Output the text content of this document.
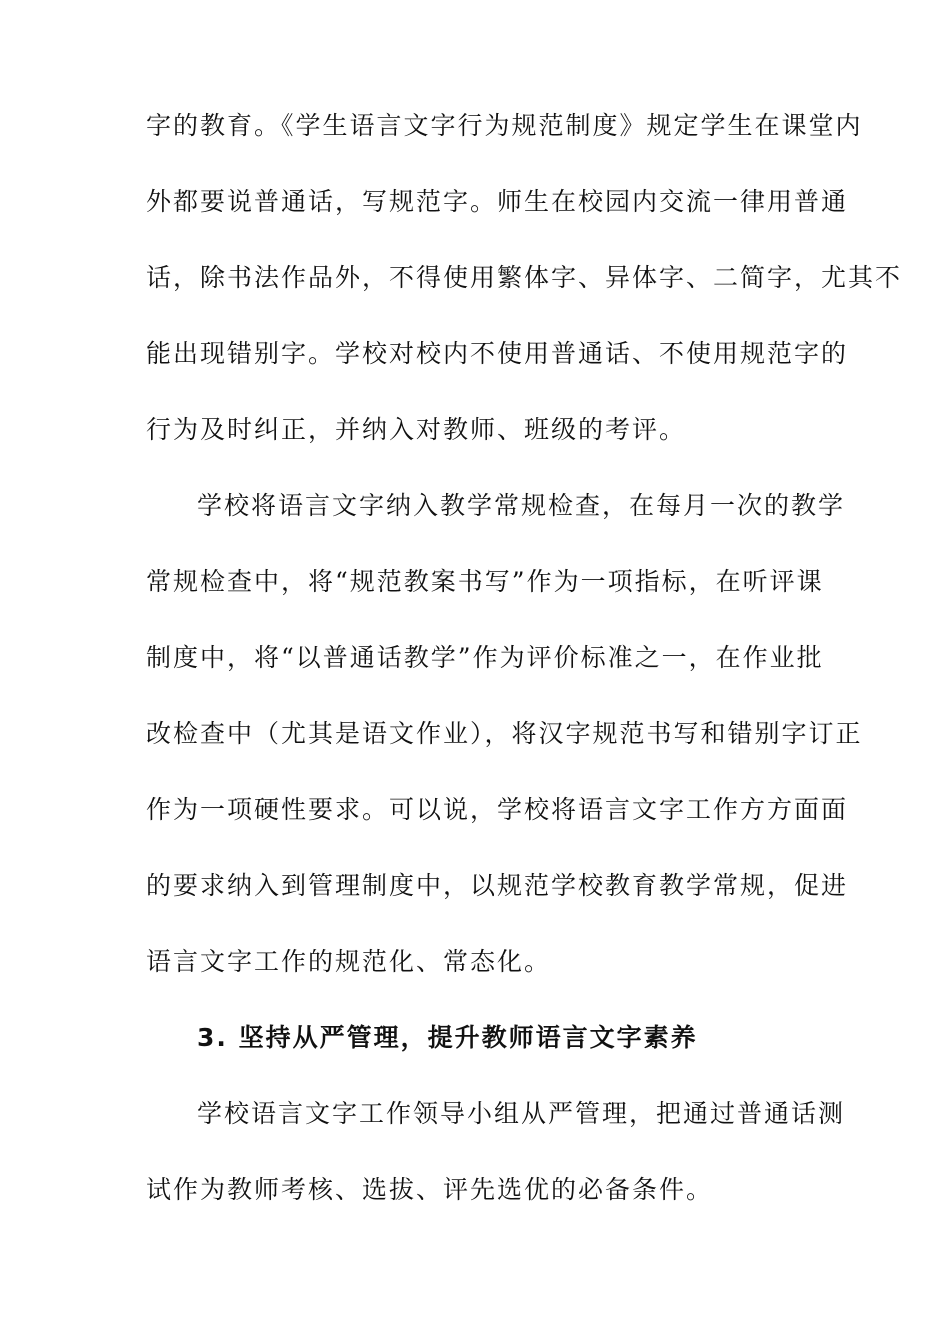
字的教育。《学生语言文字行为规范制度》规定学生在课堂内
外都要说普通话，写规范字。师生在校园内交流一律用普通
话，除书法作品外，不得使用繁体字、异体字、二简字，尤其不
能出现错别字。学校对校内不使用普通话、不使用规范字的
行为及时纠正，并纳入对教师、班级的考评。
学校将语言文字纳入教学常规检查，在每月一次的教学
常规检查中，将“规范教案书写”作为一项指标，在听评课
制度中，将“以普通话教学”作为评价标准之一，在作业批
改检查中（尤其是语文作业），将汉字规范书写和错别字订正
作为一项硬性要求。可以说，学校将语言文字工作方方面面
的要求纳入到管理制度中，以规范学校教育教学常规，促进
语言文字工作的规范化、常态化。
3. 坚持从严管理，提升教师语言文字素养
学校语言文字工作领导小组从严管理，把通过普通话测
试作为教师考核、选拔、评先选优的必备条件。
